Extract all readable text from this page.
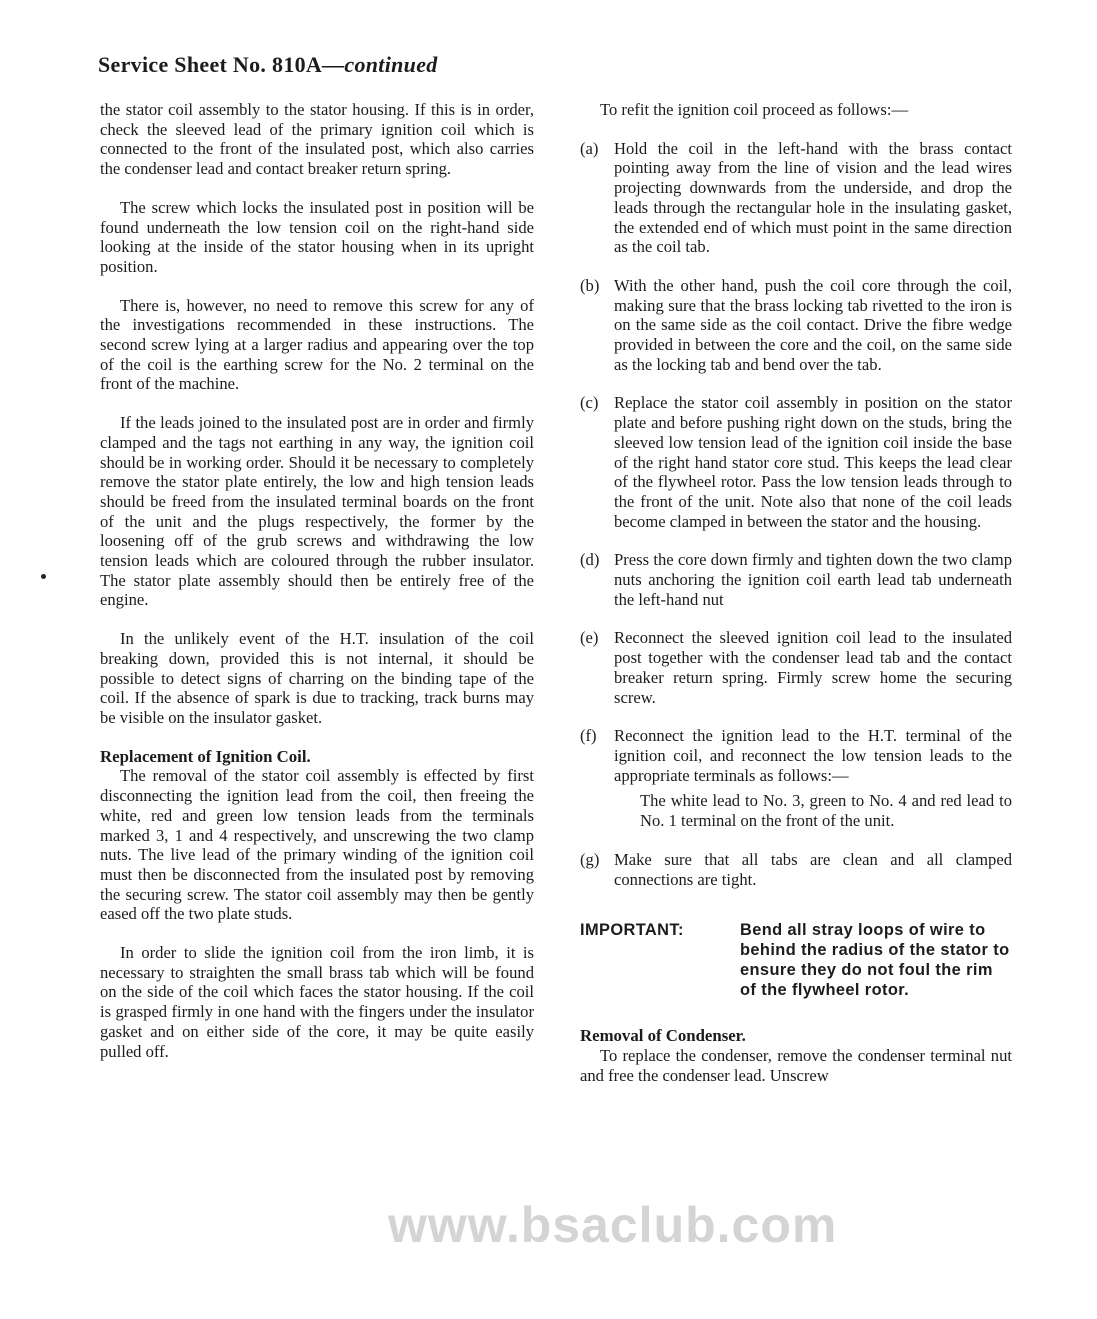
Service Sheet No. 810A—continued

the stator coil assembly to the stator housing. If this is in order, check the sleeved lead of the primary ignition coil which is connected to the front of the insulated post, which also carries the condenser lead and contact breaker return spring.

The screw which locks the insulated post in position will be found underneath the low tension coil on the right-hand side looking at the inside of the stator housing when in its upright position.

There is, however, no need to remove this screw for any of the investigations recommended in these instructions. The second screw lying at a larger radius and appearing over the top of the coil is the earthing screw for the No. 2 terminal on the front of the machine.

If the leads joined to the insulated post are in order and firmly clamped and the tags not earthing in any way, the ignition coil should be in working order. Should it be necessary to completely remove the stator plate entirely, the low and high tension leads should be freed from the insulated terminal boards on the front of the unit and the plugs respectively, the former by the loosening off of the grub screws and withdrawing the low tension leads which are coloured through the rubber insulator. The stator plate assembly should then be entirely free of the engine.

In the unlikely event of the H.T. insulation of the coil breaking down, provided this is not internal, it should be possible to detect signs of charring on the binding tape of the coil. If the absence of spark is due to tracking, track burns may be visible on the insulator gasket.

Replacement of Ignition Coil.

The removal of the stator coil assembly is effected by first disconnecting the ignition lead from the coil, then freeing the white, red and green low tension leads from the terminals marked 3, 1 and 4 respectively, and unscrewing the two clamp nuts. The live lead of the primary winding of the ignition coil must then be disconnected from the insulated post by removing the securing screw. The stator coil assembly may then be gently eased off the two plate studs.

In order to slide the ignition coil from the iron limb, it is necessary to straighten the small brass tab which will be found on the side of the coil which faces the stator housing. If the coil is grasped firmly in one hand with the fingers under the insulator gasket and on either side of the core, it may be quite easily pulled off.

To refit the ignition coil proceed as follows:—

(a) Hold the coil in the left-hand with the brass contact pointing away from the line of vision and the lead wires projecting downwards from the underside, and drop the leads through the rectangular hole in the insulating gasket, the extended end of which must point in the same direction as the coil tab.
(b) With the other hand, push the coil core through the coil, making sure that the brass locking tab rivetted to the iron is on the same side as the coil contact. Drive the fibre wedge provided in between the core and the coil, on the same side as the locking tab and bend over the tab.
(c) Replace the stator coil assembly in position on the stator plate and before pushing right down on the studs, bring the sleeved low tension lead of the ignition coil inside the base of the right hand stator core stud. This keeps the lead clear of the flywheel rotor. Pass the low tension leads through to the front of the unit. Note also that none of the coil leads become clamped in between the stator and the housing.
(d) Press the core down firmly and tighten down the two clamp nuts anchoring the ignition coil earth lead tab underneath the left-hand nut
(e) Reconnect the sleeved ignition coil lead to the insulated post together with the condenser lead tab and the contact breaker return spring. Firmly screw home the securing screw.
(f)	Reconnect the ignition lead to the H.T. terminal of the ignition coil, and reconnect the low tension leads to the appropriate terminals as follows:—

The white lead to No. 3, green to No. 4 and red lead to No. 1 terminal on the front of the unit.

(g) Make sure that all tabs are clean and all clamped connections are tight.
IMPORTANT:	Bend all stray loops of wire to behind the radius of the stator to ensure they do not foul the rim of the flywheel rotor.

Removal of Condenser.

To replace the condenser, remove the condenser terminal nut and free the condenser lead. Unscrew

www.bsaclub.com
